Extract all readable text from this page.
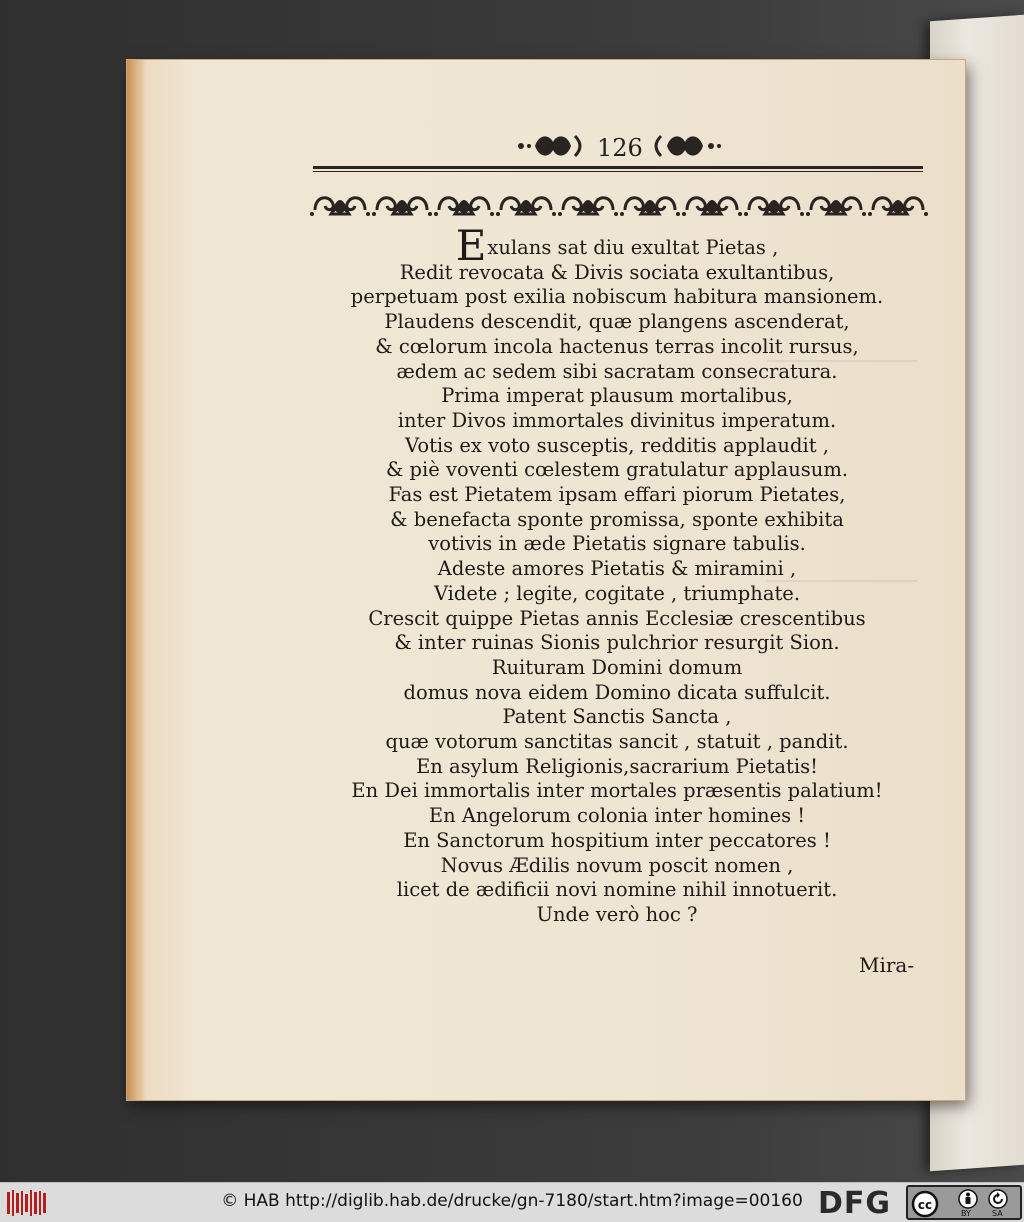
126
Exulans sat diu exultat Pietas ,
Redit revocata & Divis sociata exultantibus,
perpetuam post exilia nobiscum habitura mansionem.
Plaudens descendit, quæ plangens ascenderat,
& cœlorum incola hactenus terras incolit rursus,
ædem ac sedem sibi sacratam consecratura.
Prima imperat plausum mortalibus,
inter Divos immortales divinitus imperatum.
Votis ex voto susceptis, redditis applaudit ,
& piè voventi cœlestem gratulatur applausum.
Fas est Pietatem ipsam effari piorum Pietates,
& benefacta sponte promissa, sponte exhibita
votivis in æde Pietatis signare tabulis.
Adeste amores Pietatis & miramini ,
Videte ; legite, cogitate , triumphate.
Crescit quippe Pietas annis Ecclesiæ crescentibus
& inter ruinas Sionis pulchrior resurgit Sion.
Ruituram Domini domum
domus nova eidem Domino dicata suffulcit.
Patent Sanctis Sancta ,
quæ votorum sanctitas sancit , statuit , pandit.
En asylum Religionis,sacrarium Pietatis!
En Dei immortalis inter mortales præsentis palatium!
En Angelorum colonia inter homines !
En Sanctorum hospitium inter peccatores !
Novus Ædilis novum poscit nomen ,
licet de ædificii novi nomine nihil innotuerit.
Unde verò hoc ?
Mira-
© HAB http://diglib.hab.de/drucke/gn-7180/start.htm?image=00160 DFG cc
BY	SA
